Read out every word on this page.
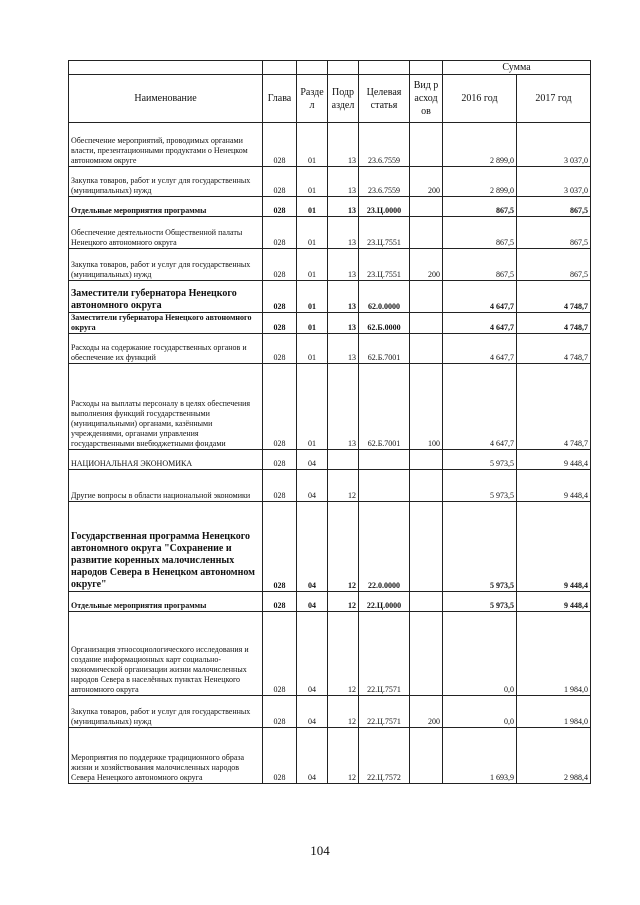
						Сумма	
Наименование	Глава	Раздел	Подраздел	Целевая статья	Вид расходов	2016 год	2017 год
Обеспечение мероприятий, проводимых органами власти, презентационными продуктами о Ненецком автономном округе	028	01	13	23.6.7559		2 899,0	3 037,0
Закупка товаров, работ и услуг для государственных (муниципальных) нужд	028	01	13	23.6.7559	200	2 899,0	3 037,0
Отдельные мероприятия программы	028	01	13	23.Ц.0000		867,5	867,5
Обеспечение деятельности Общественной палаты Ненецкого автономного округа	028	01	13	23.Ц.7551		867,5	867,5
Закупка товаров, работ и услуг для государственных (муниципальных) нужд	028	01	13	23.Ц.7551	200	867,5	867,5
Заместители губернатора Ненецкого автономного округа	028	01	13	62.0.0000		4 647,7	4 748,7
Заместители губернатора Ненецкого автономного округа	028	01	13	62.Б.0000		4 647,7	4 748,7
Расходы на содержание государственных органов и обеспечение их функций	028	01	13	62.Б.7001		4 647,7	4 748,7
Расходы на выплаты персоналу в целях обеспечения выполнения функций государственными (муниципальными) органами, казёнными учреждениями, органами управления государственными внебюджетными фондами	028	01	13	62.Б.7001	100	4 647,7	4 748,7
НАЦИОНАЛЬНАЯ ЭКОНОМИКА	028	04				5 973,5	9 448,4
Другие вопросы в области национальной экономики	028	04	12			5 973,5	9 448,4
Государственная программа Ненецкого автономного округа "Сохранение и развитие коренных малочисленных народов Севера в Ненецком автономном округе"	028	04	12	22.0.0000		5 973,5	9 448,4
Отдельные мероприятия программы	028	04	12	22.Ц.0000		5 973,5	9 448,4
Организация этносоциологического исследования и создание информационных карт социально-экономической организации жизни малочисленных народов Севера в населённых пунктах Ненецкого автономного округа	028	04	12	22.Ц.7571		0,0	1 984,0
Закупка товаров, работ и услуг для государственных (муниципальных) нужд	028	04	12	22.Ц.7571	200	0,0	1 984,0
Мероприятия по поддержке традиционного образа жизни и хозяйствования малочисленных народов Севера Ненецкого автономного округа	028	04	12	22.Ц.7572		1 693,9	2 988,4
104
